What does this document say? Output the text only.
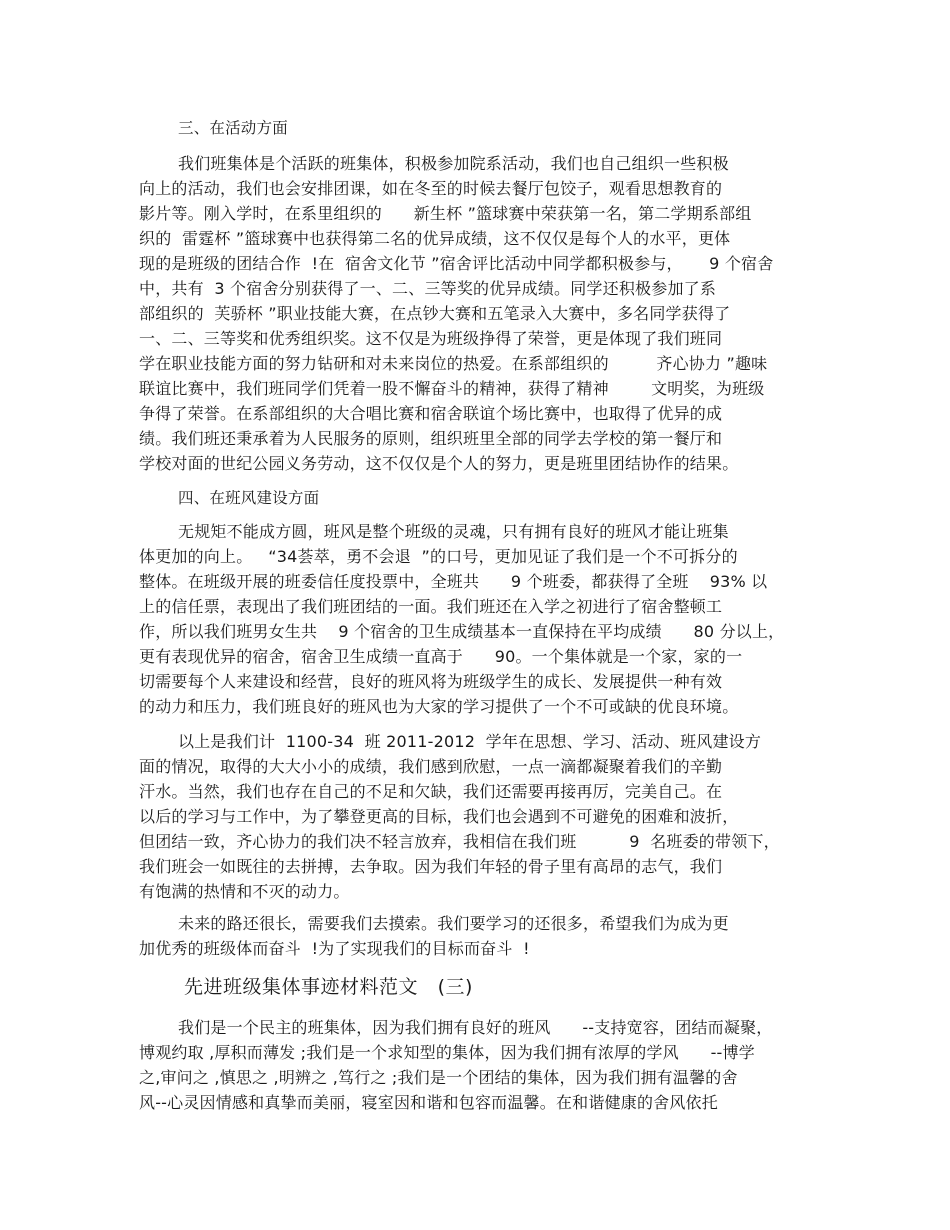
三、在活动方面
我们班集体是个活跃的班集体，积极参加院系活动，我们也自己组织一些积极
向上的活动，我们也会安排团课，如在冬至的时候去餐厅包饺子，观看思想教育的
影片等。刚入学时，在系里组织的      新生杯 ”篮球赛中荣获第一名，第二学期系部组
织的  雷霆杯 ”篮球赛中也获得第二名的优异成绩，这不仅仅是每个人的水平，更体
现的是班级的团结合作  !在  宿舍文化节 ”宿舍评比活动中同学都积极参与，     9 个宿舍
中，共有  3 个宿舍分别获得了一、二、三等奖的优异成绩。同学还积极参加了系
部组织的  芙骄杯 ”职业技能大赛，在点钞大赛和五笔录入大赛中，多名同学获得了
一、二、三等奖和优秀组织奖。这不仅是为班级挣得了荣誉，更是体现了我们班同
学在职业技能方面的努力钻研和对未来岗位的热爱。在系部组织的         齐心协力 ”趣味
联谊比赛中，我们班同学们凭着一股不懈奋斗的精神，获得了精神        文明奖，为班级
争得了荣誉。在系部组织的大合唱比赛和宿舍联谊个场比赛中，也取得了优异的成
绩。我们班还秉承着为人民服务的原则，组织班里全部的同学去学校的第一餐厅和
学校对面的世纪公园义务劳动，这不仅仅是个人的努力，更是班里团结协作的结果。
四、在班风建设方面
无规矩不能成方圆，班风是整个班级的灵魂，只有拥有良好的班风才能让班集
体更加的向上。   “34荟萃，勇不会退  ”的口号，更加见证了我们是一个不可拆分的
整体。在班级开展的班委信任度投票中，全班共      9 个班委，都获得了全班    93% 以
上的信任票，表现出了我们班团结的一面。我们班还在入学之初进行了宿舍整顿工
作，所以我们班男女生共    9 个宿舍的卫生成绩基本一直保持在平均成绩      80 分以上，
更有表现优异的宿舍，宿舍卫生成绩一直高于      90。一个集体就是一个家，家的一
切需要每个人来建设和经营，良好的班风将为班级学生的成长、发展提供一种有效
的动力和压力，我们班良好的班风也为大家的学习提供了一个不可或缺的优良环境。
以上是我们计  1100-34  班 2011-2012  学年在思想、学习、活动、班风建设方
面的情况，取得的大大小小的成绩，我们感到欣慰，一点一滴都凝聚着我们的辛勤
汗水。当然，我们也存在自己的不足和欠缺，我们还需要再接再厉，完美自己。在
以后的学习与工作中，为了攀登更高的目标，我们也会遇到不可避免的困难和波折，
但团结一致，齐心协力的我们决不轻言放弃，我相信在我们班          9  名班委的带领下，
我们班会一如既往的去拼搏，去争取。因为我们年轻的骨子里有高昂的志气，我们
有饱满的热情和不灭的动力。
未来的路还很长，需要我们去摸索。我们要学习的还很多，希望我们为成为更
加优秀的班级体而奋斗  !为了实现我们的目标而奋斗  !
先进班级集体事迹材料范文   (三)
我们是一个民主的班集体，因为我们拥有良好的班风      --支持宽容，团结而凝聚，
博观约取 ,厚积而薄发 ;我们是一个求知型的集体，因为我们拥有浓厚的学风      --博学
之,审问之 ,慎思之 ,明辨之 ,笃行之 ;我们是一个团结的集体，因为我们拥有温馨的舍
风--心灵因情感和真挚而美丽，寝室因和谐和包容而温馨。在和谐健康的舍风依托
